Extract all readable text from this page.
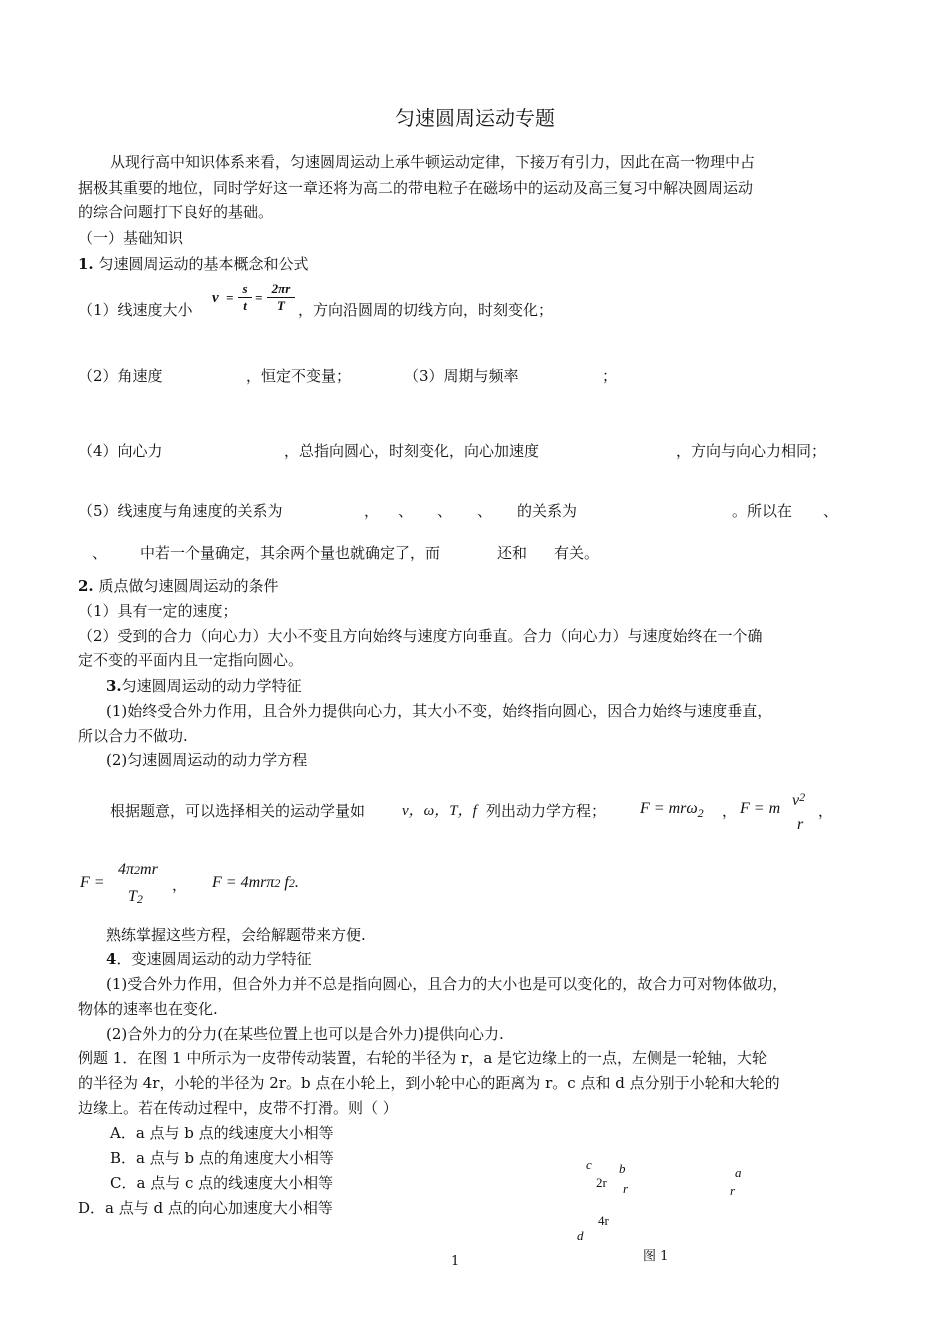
匀速圆周运动专题
从现行高中知识体系来看，匀速圆周运动上承牛顿运动定律，下接万有引力，因此在高一物理中占
据极其重要的地位，同时学好这一章还将为高二的带电粒子在磁场中的运动及高三复习中解决圆周运动
的综合问题打下良好的基础。
（一）基础知识
1. 匀速圆周运动的基本概念和公式
（1）线速度大小
v =
s
t
=
2πr
T ，方向沿圆周的切线方向，时刻变化；
（2）角速度	，恒定不变量；	（3）周期与频率	；
（4）向心力	，总指向圆心，时刻变化，向心加速度	，方向与向心力相同；
（5）线速度与角速度的关系为	， 、 、 、 的关系为	。所以在 、
、 中若一个量确定，其余两个量也就确定了，而	还和 有关。
2. 质点做匀速圆周运动的条件
（1）具有一定的速度；
（2）受到的合力（向心力）大小不变且方向始终与速度方向垂直。合力（向心力）与速度始终在一个确
定不变的平面内且一定指向圆心。
3.匀速圆周运动的动力学特征
(1)始终受合外力作用，且合外力提供向心力，其大小不变，始终指向圆心，因合力始终与速度垂直，
所以合力不做功.
(2)匀速圆周运动的动力学方程
根据题意，可以选择相关的运动学量如 v，ω，T，f 列出动力学方程； F = mrω$_2$ ， F = m $v^2$
r
，
F =
4π2mr
T2
， F = 4mrπ2 f2.
熟练掌握这些方程，会给解题带来方便.
4．变速圆周运动的动力学特征
(1)受合外力作用，但合外力并不总是指向圆心，且合力的大小也是可以变化的，故合力可对物体做功，
物体的速率也在变化.
(2)合外力的分力(在某些位置上也可以是合外力)提供向心力.
例题 1．在图 1 中所示为一皮带传动装置，右轮的半径为 r，a 是它边缘上的一点，左侧是一轮轴，大轮
的半径为 4r，小轮的半径为 2r。b 点在小轮上，到小轮中心的距离为 r。c 点和 d 点分别于小轮和大轮的
边缘上。若在传动过程中，皮带不打滑。则（ ）
A．a 点与 b 点的线速度大小相等
B．a 点与 b 点的角速度大小相等
C．a 点与 c 点的线速度大小相等
D．a 点与 d 点的向心加速度大小相等
c b
2r r
a
r
4r
d
图 1
1
